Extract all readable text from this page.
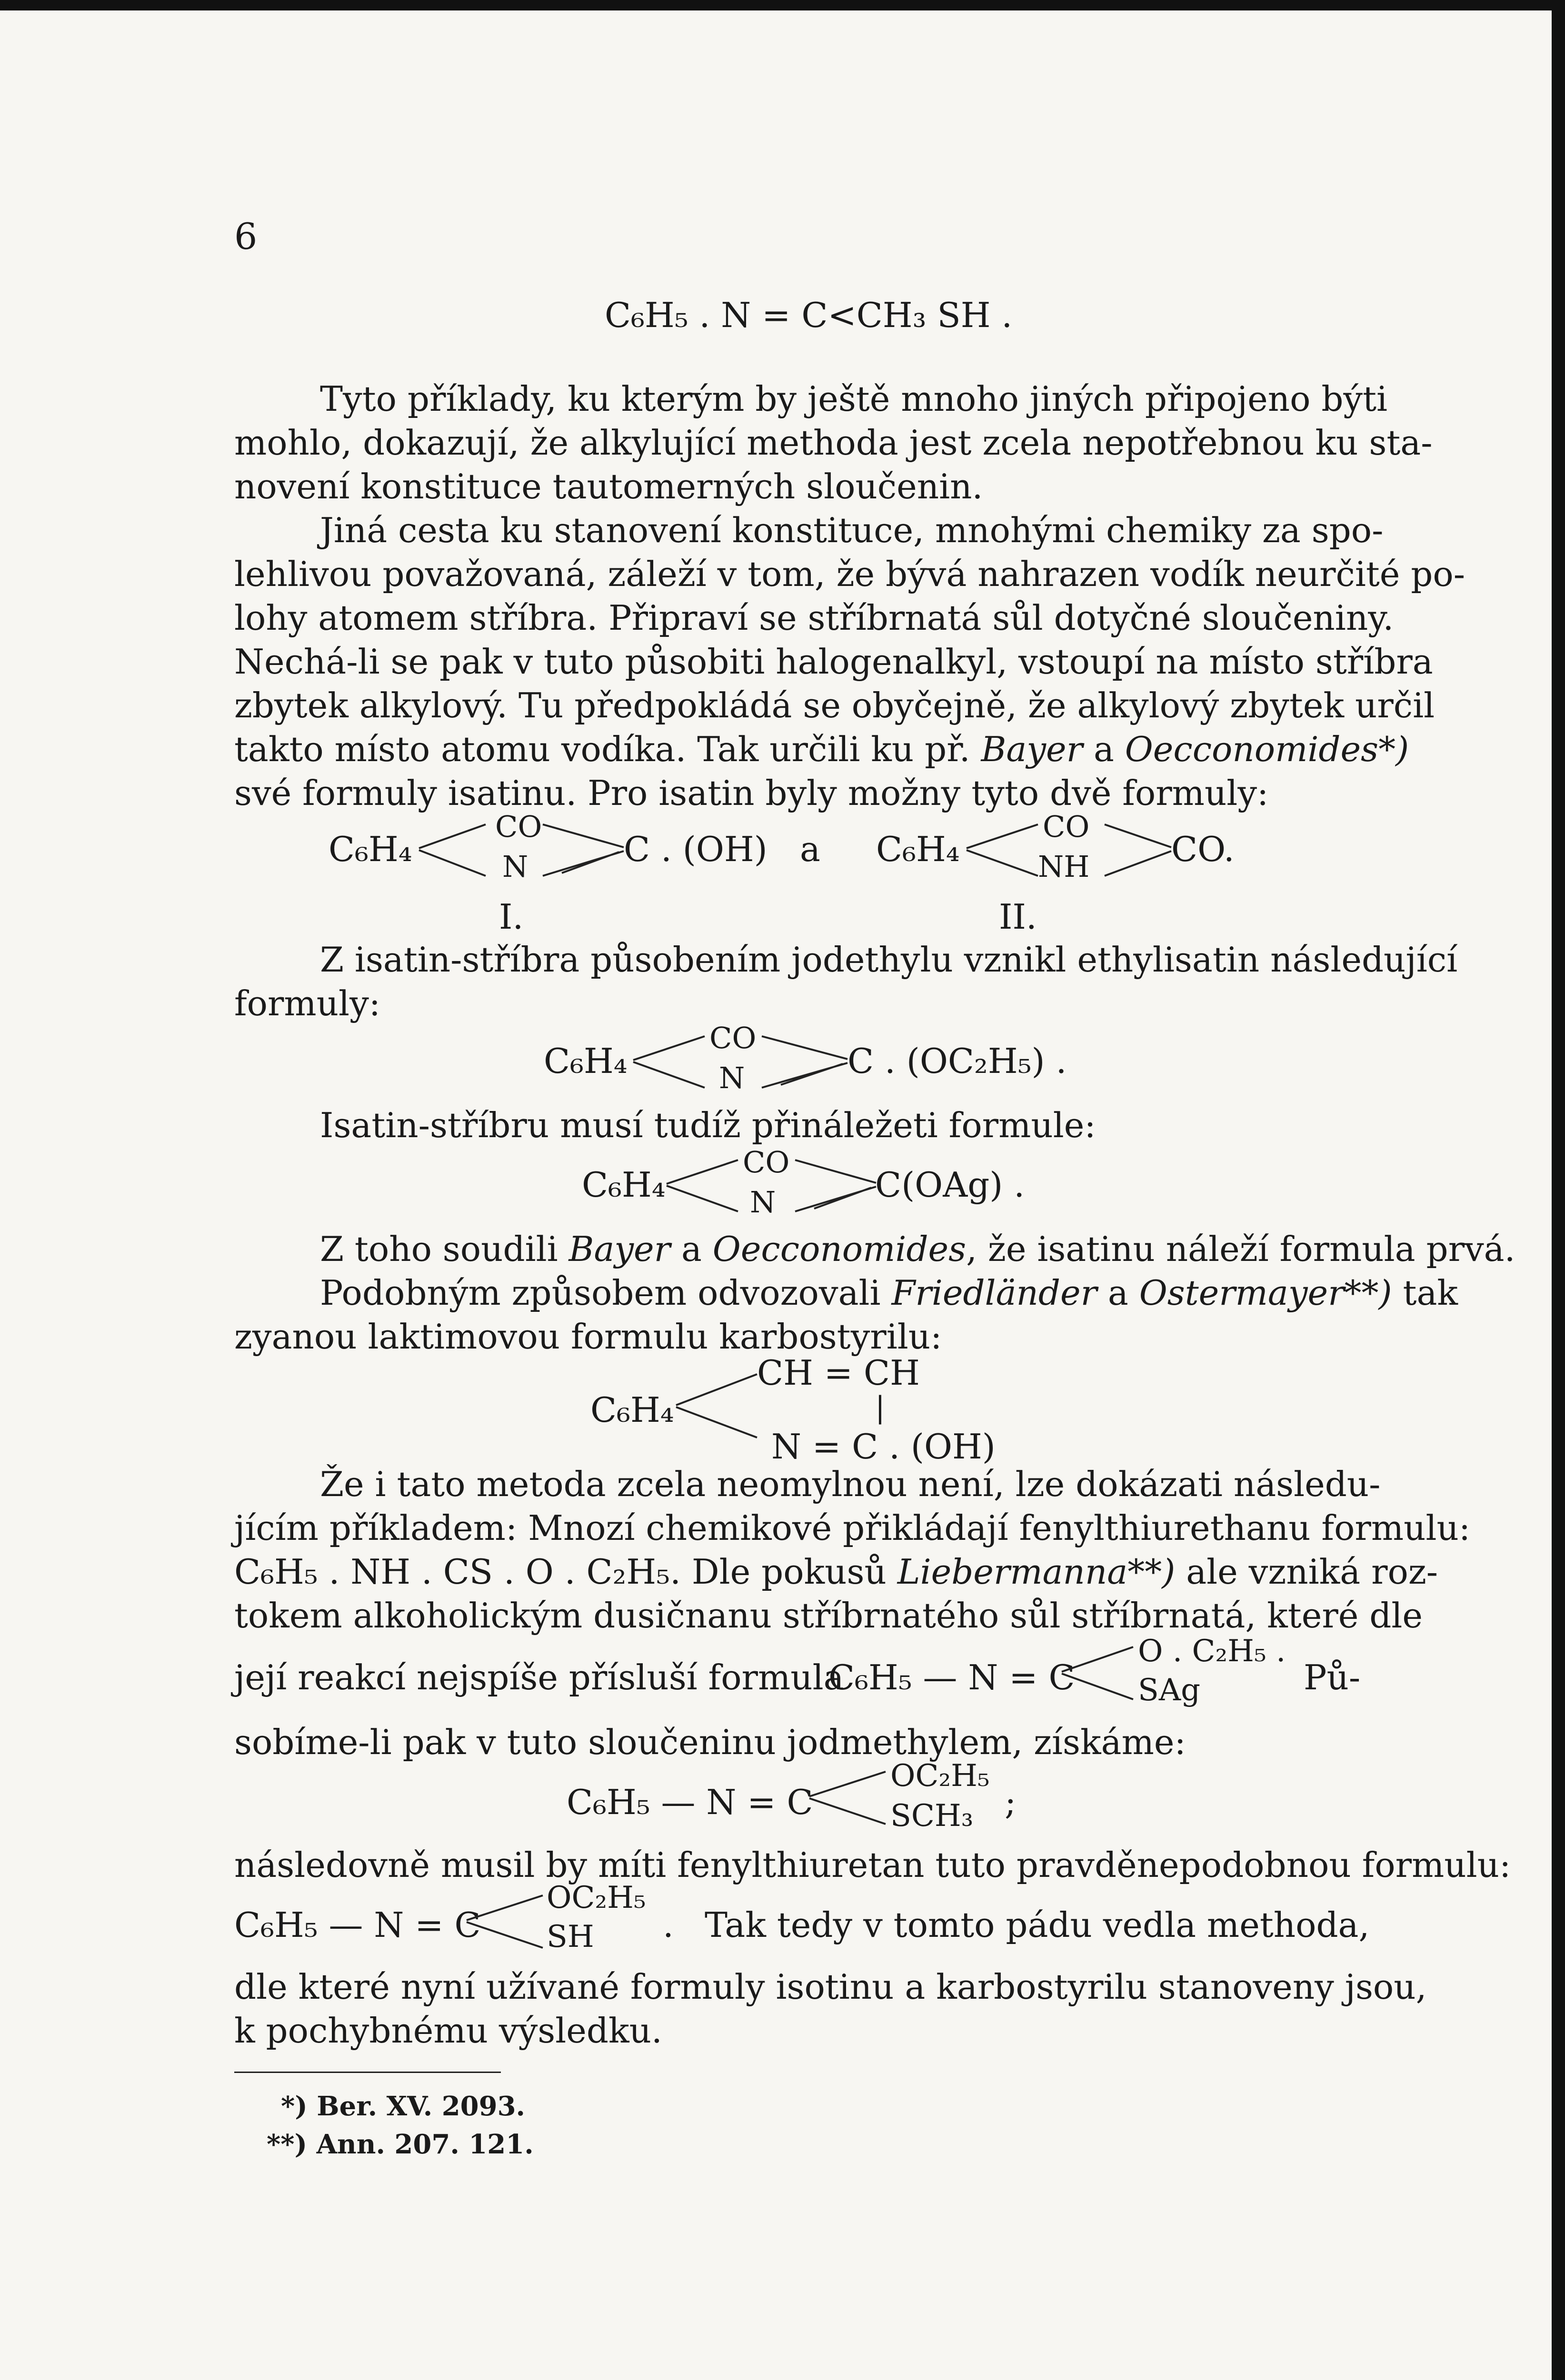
6
C₆H₅ . N = C<CH₃ SH .
Tyto příklady, ku kterým by ještě mnoho jiných připojeno býti
mohlo, dokazují, že alkylující methoda jest zcela nepotřebnou ku sta-
novení konstituce tautomerných sloučenin.
Jiná cesta ku stanovení konstituce, mnohými chemiky za spo-
lehlivou považovaná, záleží v tom, že bývá nahrazen vodík neurčité po-
lohy atomem stříbra. Připraví se stříbrnatá sůl dotyčné sloučeniny.
Nechá-li se pak v tuto působiti halogenalkyl, vstoupí na místo stříbra
zbytek alkylový. Tu předpokládá se obyčejně, že alkylový zbytek určil
takto místo atomu vodíka. Tak určili ku př. Bayer a Oecconomides*)
své formuly isatinu. Pro isatin byly možny tyto dvě formuly:
C₆H₄
CO
N	C . (OH) a C₆H₄
CO
NH CO.
I.	II.
Z isatin-stříbra působením jodethylu vznikl ethylisatin následující
formuly:
C₆H₄
CO
N	C . (OC₂H₅) .
Isatin-stříbru musí tudíž přináležeti formule:
C₆H₄
CO
N	C(OAg) .
Z toho soudili Bayer a Oecconomides, že isatinu náleží formula prvá.
Podobným způsobem odvozovali Friedländer a Ostermayer**) tak
zyanou laktimovou formulu karbostyrilu:
C₆H₄
CH = CH
|
N = C . (OH)
Že i tato metoda zcela neomylnou není, lze dokázati následu-
jícím příkladem: Mnozí chemikové přikládají fenylthiurethanu formulu:
C₆H₅ . NH . CS . O . C₂H₅. Dle pokusů Liebermanna**) ale vzniká roz-
tokem alkoholickým dusičnanu stříbrnatého sůl stříbrnatá, které dle
její reakcí nejspíše přísluší formula
C₆H₅ — N = C
O . C₂H₅ .
SAg	Pů-
sobíme-li pak v tuto sloučeninu jodmethylem, získáme:
C₆H₅ — N = C
OC₂H₅
SCH₃ ;
následovně musil by míti fenylthiuretan tuto pravděnepodobnou formulu:
C₆H₅ — N = C
OC₂H₅
SH . Tak tedy v tomto pádu vedla methoda,
dle které nyní užívané formuly isotinu a karbostyrilu stanoveny jsou,
k pochybnému výsledku.
*) Ber. XV. 2093.
**) Ann. 207. 121.
